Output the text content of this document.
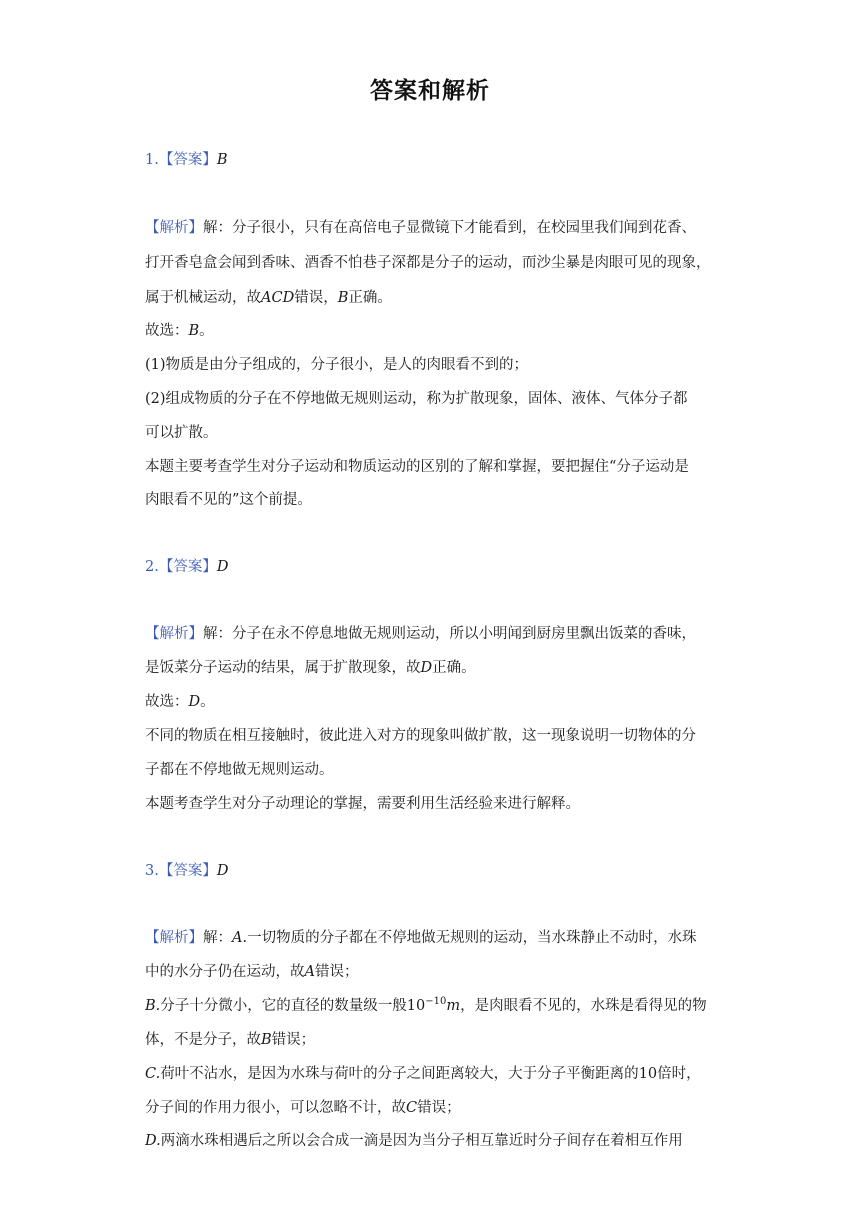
答案和解析
1.【答案】B
【解析】解：分子很小，只有在高倍电子显微镜下才能看到，在校园里我们闻到花香、
打开香皂盒会闻到香味、酒香不怕巷子深都是分子的运动，而沙尘暴是肉眼可见的现象，
属于机械运动，故ACD错误，B正确。
故选：B。
(1)物质是由分子组成的，分子很小，是人的肉眼看不到的；
(2)组成物质的分子在不停地做无规则运动，称为扩散现象，固体、液体、气体分子都
可以扩散。
本题主要考查学生对分子运动和物质运动的区别的了解和掌握，要把握住“分子运动是
肉眼看不见的”这个前提。
2.【答案】D
【解析】解：分子在永不停息地做无规则运动，所以小明闻到厨房里飘出饭菜的香味，
是饭菜分子运动的结果，属于扩散现象，故D正确。
故选：D。
不同的物质在相互接触时，彼此进入对方的现象叫做扩散，这一现象说明一切物体的分
子都在不停地做无规则运动。
本题考查学生对分子动理论的掌握，需要利用生活经验来进行解释。
3.【答案】D
【解析】解：A.一切物质的分子都在不停地做无规则的运动，当水珠静止不动时，水珠
中的水分子仍在运动，故A错误；
B.分子十分微小，它的直径的数量级一般$10^{-10}m$，是肉眼看不见的，水珠是看得见的物
体，不是分子，故B错误；
C.荷叶不沾水，是因为水珠与荷叶的分子之间距离较大，大于分子平衡距离的10倍时，
分子间的作用力很小，可以忽略不计，故C错误；
D.两滴水珠相遇后之所以会合成一滴是因为当分子相互靠近时分子间存在着相互作用
